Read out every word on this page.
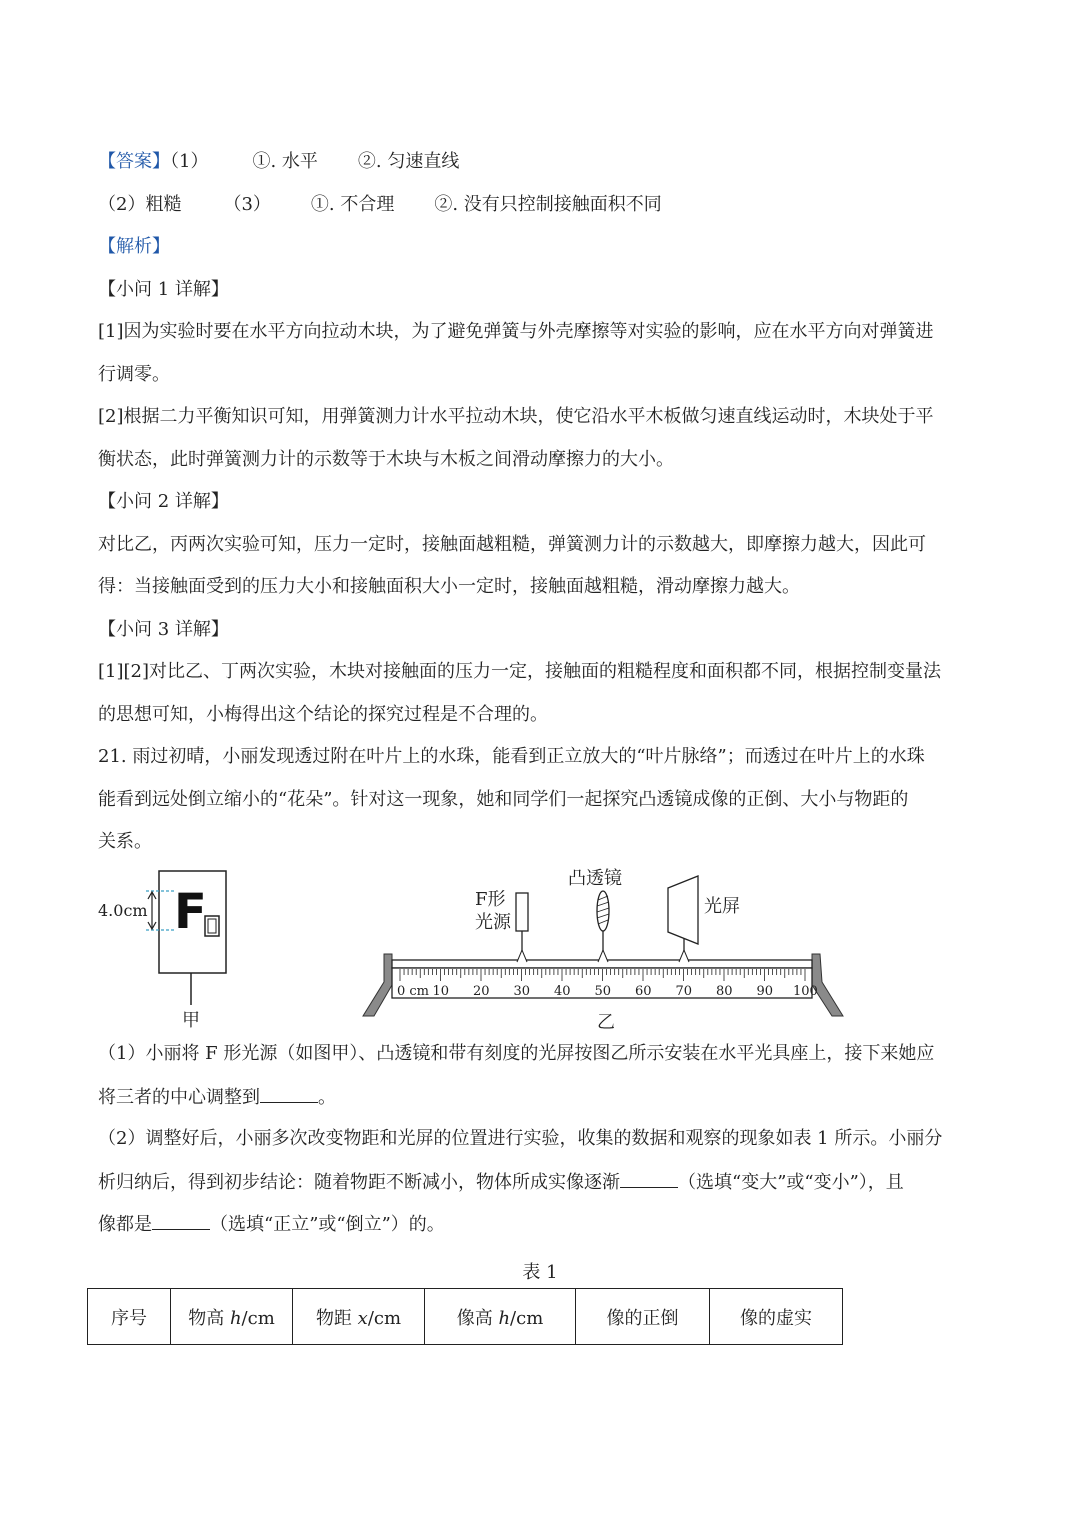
【答案】（1） ①. 水平 ②. 匀速直线
（2）粗糙 （3） ①. 不合理 ②. 没有只控制接触面积不同
【解析】
【小问 1 详解】
[1]因为实验时要在水平方向拉动木块，为了避免弹簧与外壳摩擦等对实验的影响，应在水平方向对弹簧进
行调零。
[2]根据二力平衡知识可知，用弹簧测力计水平拉动木块，使它沿水平木板做匀速直线运动时，木块处于平
衡状态，此时弹簧测力计的示数等于木块与木板之间滑动摩擦力的大小。
【小问 2 详解】
对比乙，丙两次实验可知，压力一定时，接触面越粗糙，弹簧测力计的示数越大，即摩擦力越大，因此可
得：当接触面受到的压力大小和接触面积大小一定时，接触面越粗糙，滑动摩擦力越大。
【小问 3 详解】
[1][2]对比乙、丁两次实验，木块对接触面的压力一定，接触面的粗糙程度和面积都不同，根据控制变量法
的思想可知，小梅得出这个结论的探究过程是不合理的。
21. 雨过初晴，小丽发现透过附在叶片上的水珠，能看到正立放大的“叶片脉络”；而透过在叶片上的水珠
能看到远处倒立缩小的“花朵”。针对这一现象，她和同学们一起探究凸透镜成像的正倒、大小与物距的
关系。
F
4.0cm
甲
0 cm 10 20 30 40 50 60 70 80 90 100
F形
光源
凸透镜
光屏
乙
（1）小丽将 F 形光源（如图甲）、凸透镜和带有刻度的光屏按图乙所示安装在水平光具座上，接下来她应
将三者的中心调整到	。
（2）调整好后，小丽多次改变物距和光屏的位置进行实验，收集的数据和观察的现象如表 1 所示。小丽分
析归纳后，得到初步结论：随着物距不断减小，物体所成实像逐渐	（选填“变大”或“变小”），且
像都是	（选填“正立”或“倒立”）的。
表 1
序号	物高 h/cm	物距 x/cm	像高 h/cm	像的正倒	像的虚实
